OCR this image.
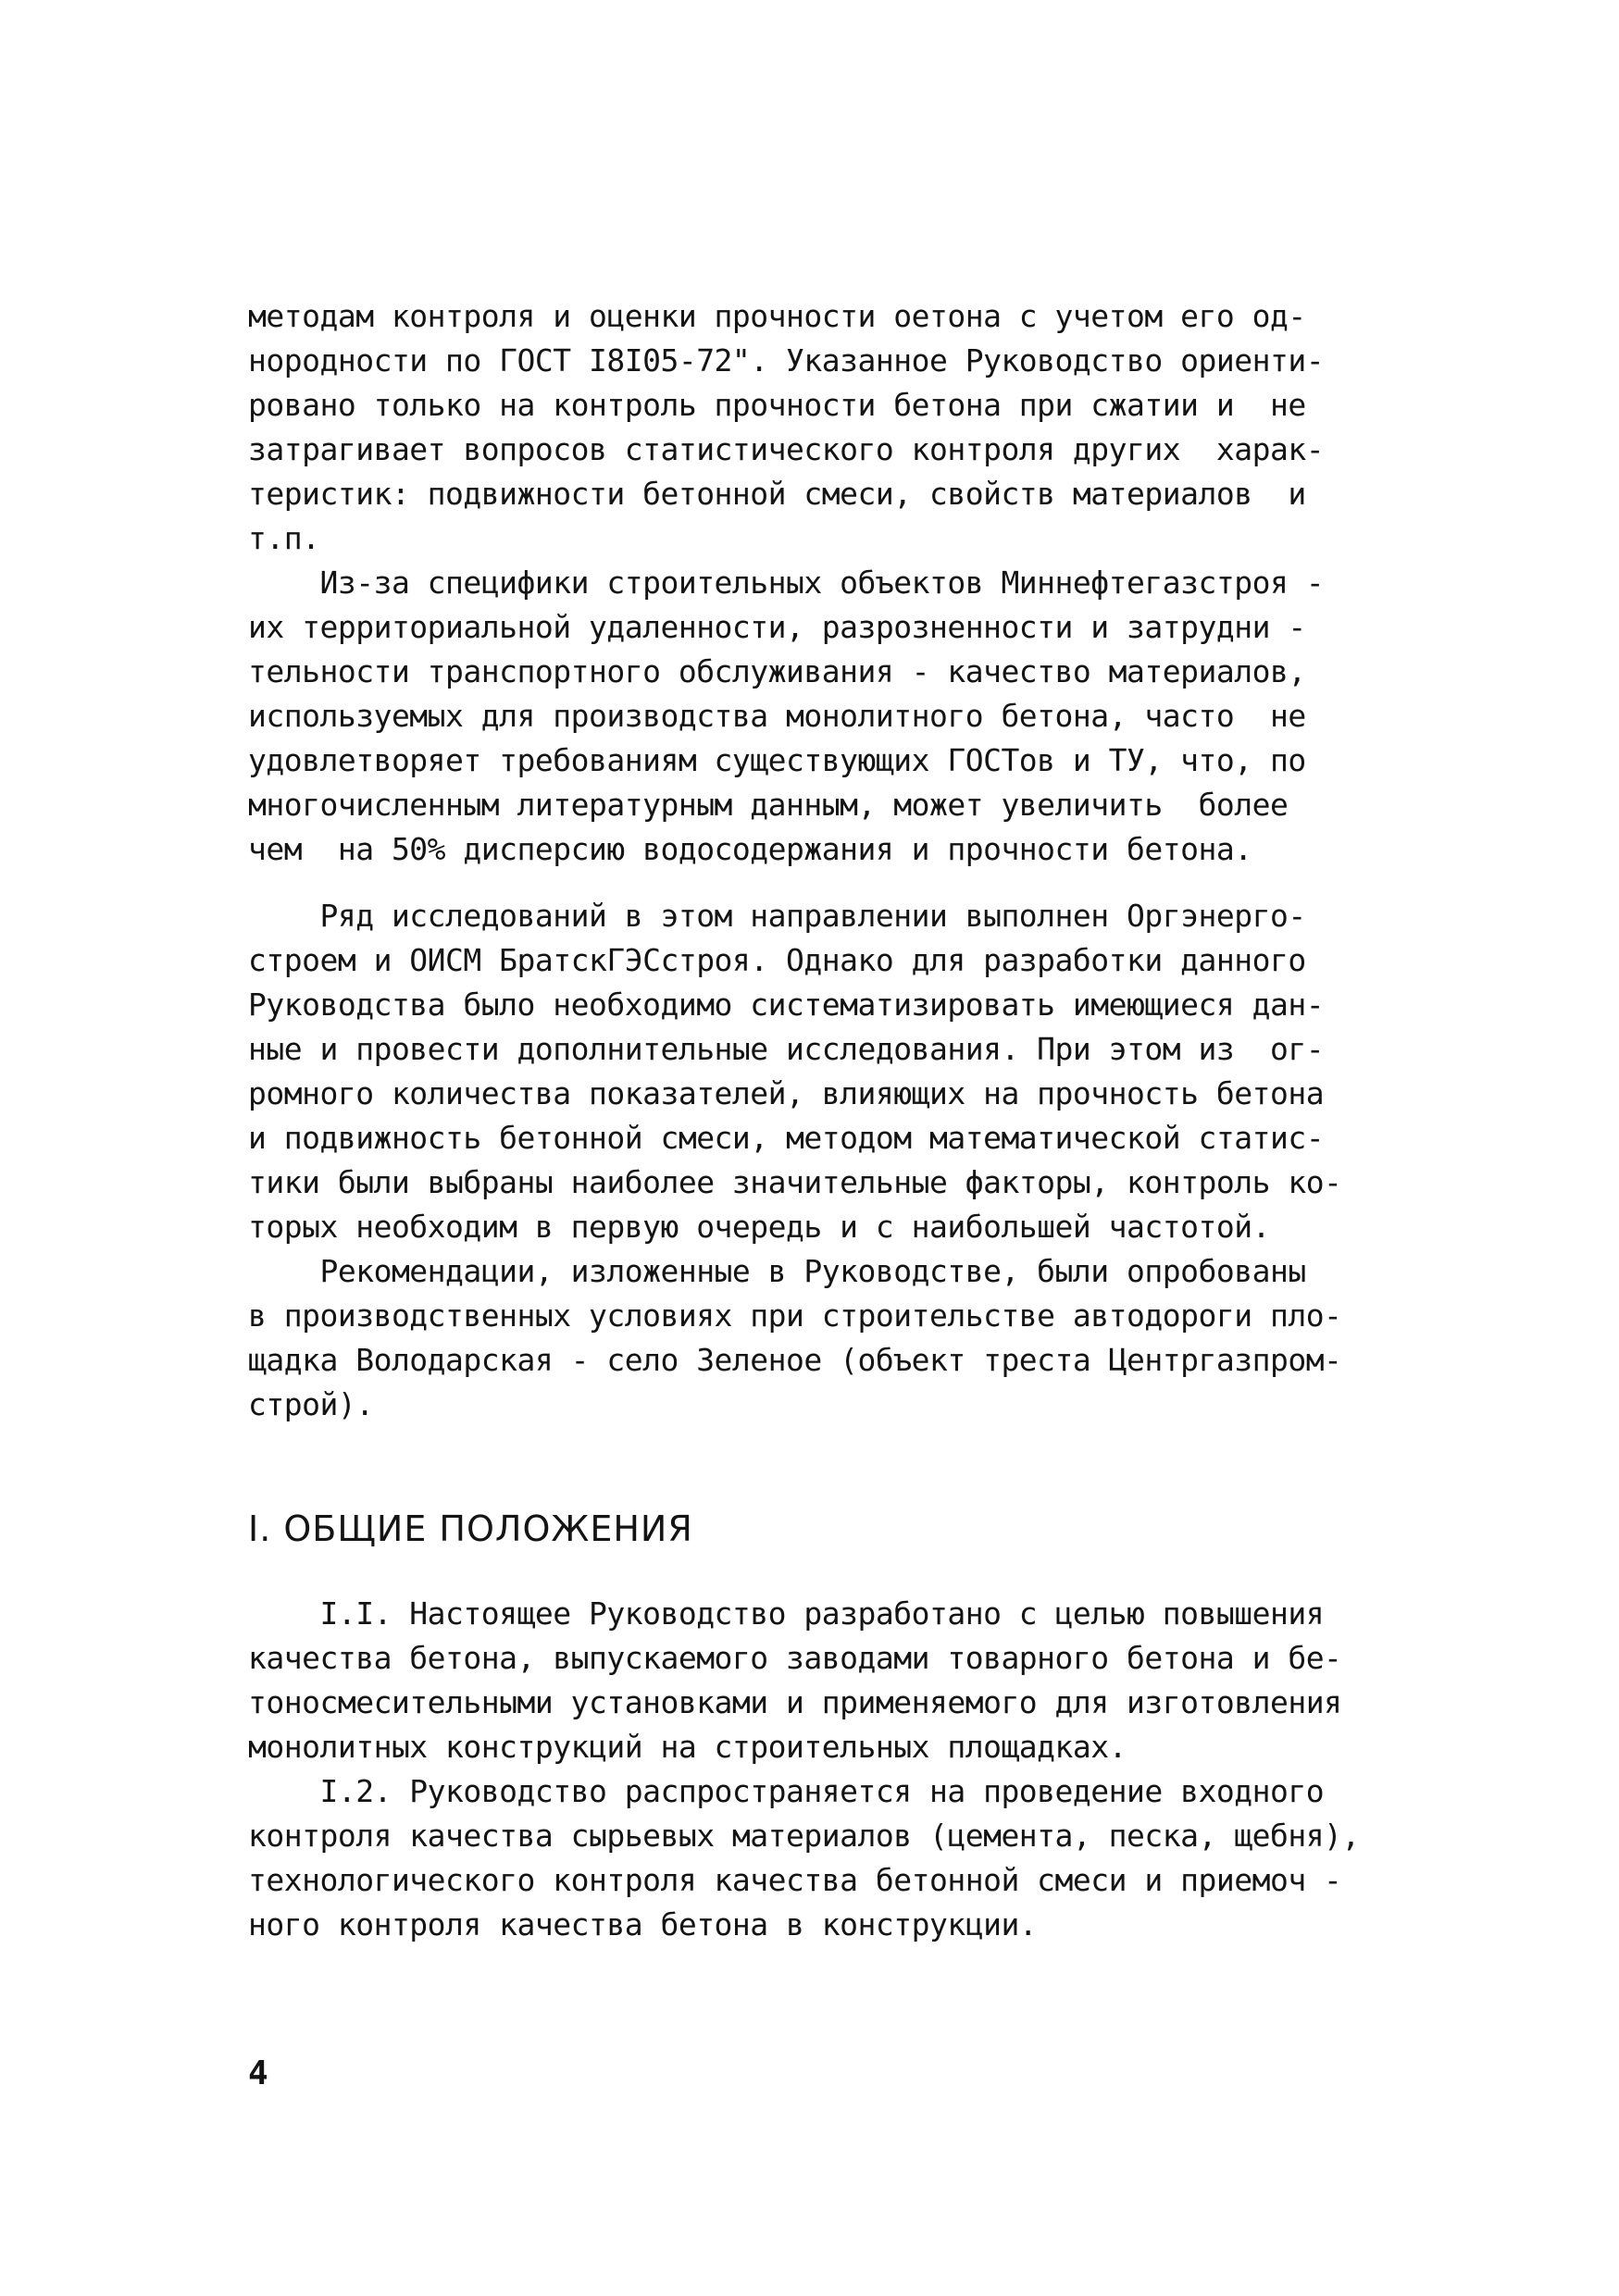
методам контроля и оценки прочности оетона с учетом его од-
нородности по ГОСТ I8I05-72". Указанное Руководство ориенти-
ровано только на контроль прочности бетона при сжатии и  не
затрагивает вопросов статистического контроля других  харак-
теристик: подвижности бетонной смеси, свойств материалов  и
т.п.
Из-за специфики строительных объектов Миннефтегазстроя -
их территориальной удаленности, разрозненности и затрудни -
тельности транспортного обслуживания - качество материалов,
используемых для производства монолитного бетона, часто  не
удовлетворяет требованиям существующих ГОСТов и ТУ, что, по
многочисленным литературным данным, может увеличить  более
чем  на 50% дисперсию водосодержания и прочности бетона.
Ряд исследований в этом направлении выполнен Оргэнерго-
строем и ОИСМ БратскГЭСстроя. Однако для разработки данного
Руководства было необходимо систематизировать имеющиеся дан-
ные и провести дополнительные исследования. При этом из  ог-
ромного количества показателей, влияющих на прочность бетона
и подвижность бетонной смеси, методом математической статис-
тики были выбраны наиболее значительные факторы, контроль ко-
торых необходим в первую очередь и с наибольшей частотой.
Рекомендации, изложенные в Руководстве, были опробованы
в производственных условиях при строительстве автодороги пло-
щадка Володарская - село Зеленое (объект треста Центргазпром-
строй).
I. ОБЩИЕ ПОЛОЖЕНИЯ
I.I. Настоящее Руководство разработано с целью повышения
качества бетона, выпускаемого заводами товарного бетона и бе-
тоносмесительными установками и применяемого для изготовления
монолитных конструкций на строительных площадках.
I.2. Руководство распространяется на проведение входного
контроля качества сырьевых материалов (цемента, песка, щебня),
технологического контроля качества бетонной смеси и приемоч -
ного контроля качества бетона в конструкции.
4
